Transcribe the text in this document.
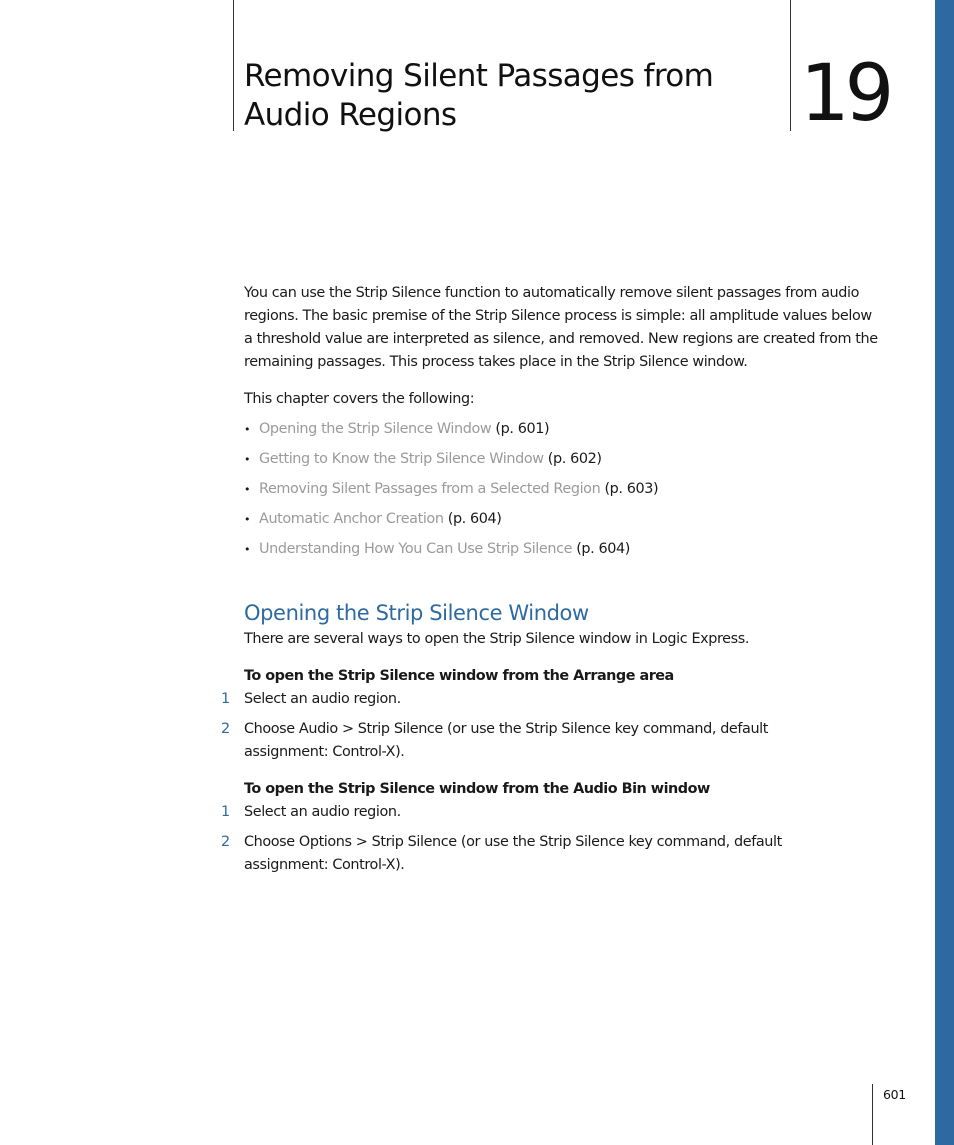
Removing Silent Passages from Audio Regions	19

You can use the Strip Silence function to automatically remove silent passages from audio regions. The basic premise of the Strip Silence process is simple: all amplitude values below a threshold value are interpreted as silence, and removed. New regions are created from the remaining passages. This process takes place in the Strip Silence window.

This chapter covers the following:

• Opening the Strip Silence Window (p. 601)
• Getting to Know the Strip Silence Window (p. 602)
• Removing Silent Passages from a Selected Region (p. 603)
• Automatic Anchor Creation (p. 604)
• Understanding How You Can Use Strip Silence (p. 604)
Opening the Strip Silence Window

There are several ways to open the Strip Silence window in Logic Express.

To open the Strip Silence window from the Arrange area

1 Select an audio region.
2 Choose Audio > Strip Silence (or use the Strip Silence key command, default assignment: Control-X).

To open the Strip Silence window from the Audio Bin window

1 Select an audio region.
2 Choose Options > Strip Silence (or use the Strip Silence key command, default assignment: Control-X).
601
